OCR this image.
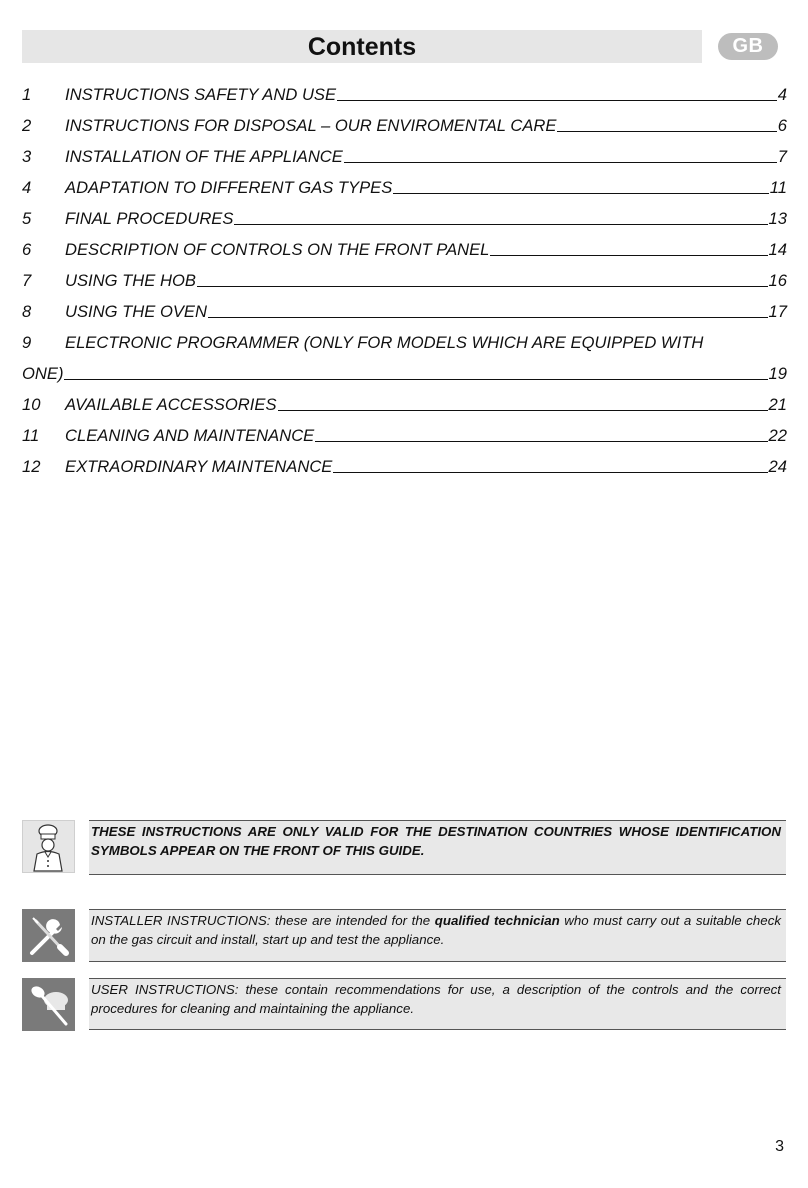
Contents	GB
1	INSTRUCTIONS SAFETY AND USE	4
2	INSTRUCTIONS FOR DISPOSAL – OUR ENVIROMENTAL CARE	6
3	INSTALLATION OF THE APPLIANCE	7
4	ADAPTATION TO DIFFERENT GAS TYPES	11
5	FINAL PROCEDURES	13
6	DESCRIPTION OF CONTROLS ON THE FRONT PANEL	14
7	USING THE HOB	16
8	USING THE OVEN	17
9	ELECTRONIC PROGRAMMER (ONLY FOR MODELS WHICH ARE EQUIPPED WITH
ONE)	19
10	AVAILABLE ACCESSORIES	21
11	CLEANING AND MAINTENANCE	22
12	EXTRAORDINARY MAINTENANCE	24
THESE INSTRUCTIONS ARE ONLY VALID FOR THE DESTINATION COUNTRIES WHOSE IDENTIFICATION SYMBOLS APPEAR ON THE FRONT OF THIS GUIDE.
INSTALLER INSTRUCTIONS: these are intended for the qualified technician who must carry out a suitable check on the gas circuit and install, start up and test the appliance.
USER INSTRUCTIONS: these contain recommendations for use, a description of the controls and the correct procedures for cleaning and maintaining the appliance.
3
